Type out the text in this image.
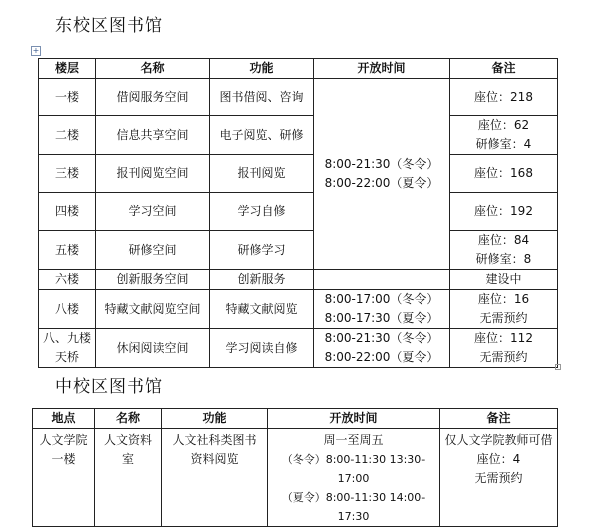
东校区图书馆
+
楼层	名称	功能	开放时间	备注
一楼	借阅服务空间	图书借阅、咨询	8:00-21:30（冬令）
8:00-22:00（夏令）	座位：218

二楼	信息共享空间	电子阅览、研修		座位：62
研修室：4

三楼	报刊阅览空间	报刊阅览		座位：168

四楼	学习空间	学习自修		座位：192

五楼	研修空间	研修学习		座位：84
研修室：8

六楼	创新服务空间	创新服务		建设中

八楼	特藏文献阅览空间	特藏文献阅览	8:00-17:00（冬令）
8:00-17:30（夏令）	座位：16
无需预约

八、九楼天桥	休闲阅读空间	学习阅读自修	8:00-21:30（冬令）
8:00-22:00（夏令）	座位：112
无需预约
中校区图书馆
地点	名称	功能	开放时间	备注
人文学院一楼	人文资料室	人文社科类图书资料阅览	周一至周五
（冬令）8:00-11:30 13:30-17:00
（夏令）8:00-11:30 14:00-17:30	仅人文学院教师可借
座位：4
无需预约
